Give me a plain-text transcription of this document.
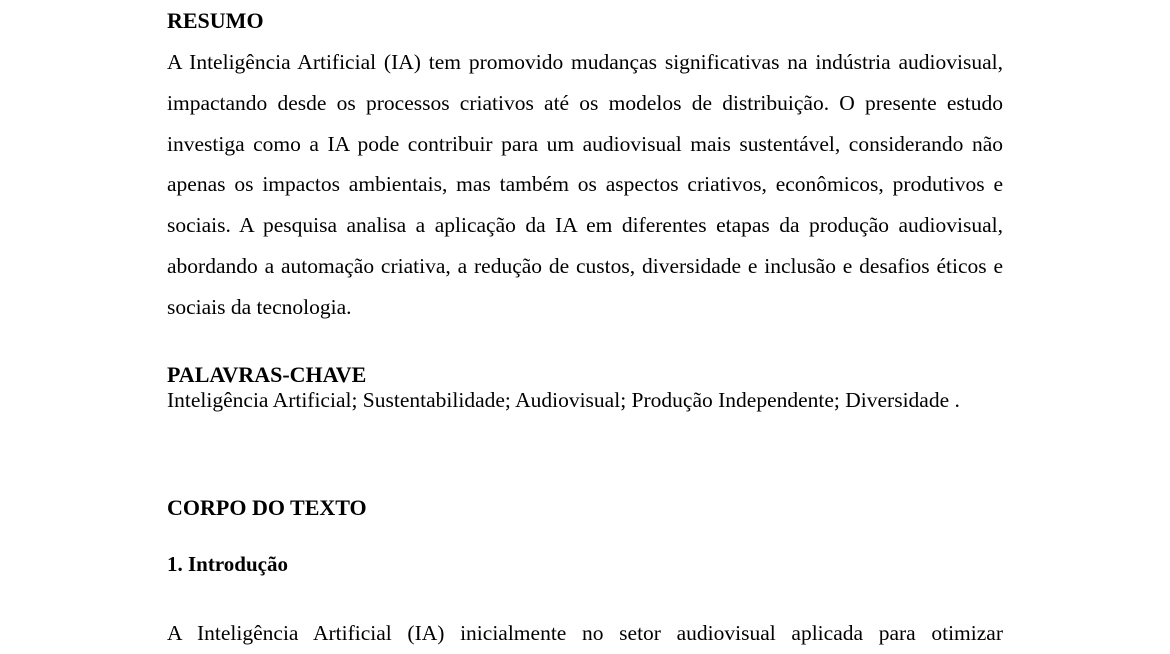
RESUMO

A Inteligência Artificial (IA) tem promovido mudanças significativas na indústria audiovisual, impactando desde os processos criativos até os modelos de distribuição. O presente estudo investiga como a IA pode contribuir para um audiovisual mais sustentável, considerando não apenas os impactos ambientais, mas também os aspectos criativos, econômicos, produtivos e sociais. A pesquisa analisa a aplicação da IA em diferentes etapas da produção audiovisual, abordando a automação criativa, a redução de custos, diversidade e inclusão e desafios éticos e sociais da tecnologia.

PALAVRAS-CHAVE

Inteligência Artificial; Sustentabilidade; Audiovisual; Produção Independente; Diversidade .

CORPO DO TEXTO
1. Introdução

A Inteligência Artificial (IA) inicialmente no setor audiovisual aplicada para otimizar
